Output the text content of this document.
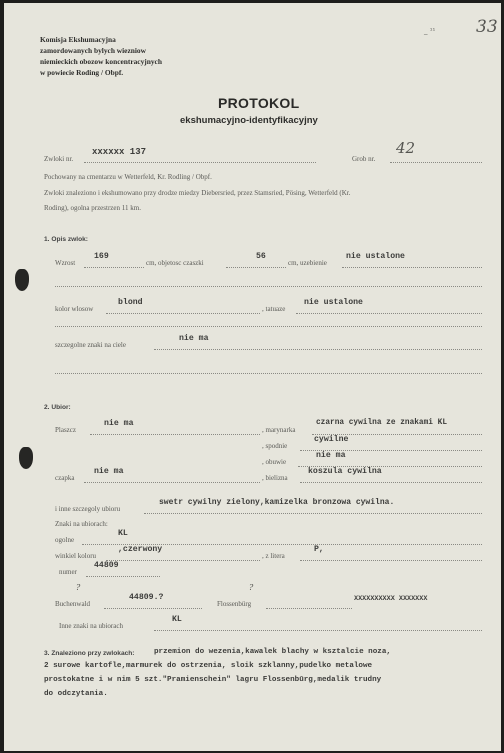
33
_ ¹¹
Komisja Ekshumacyjna
zamordowanych bylych wiezniow
niemieckich obozow koncentracyjnych
w powiecie Roding / Obpf.
PROTOKOL
ekshumacyjno-identyfikacyjny
Zwloki nr.
xxxxxx 137
Grob nr.
42
Pochowany na cmentarzu w Wetterfeld, Kr. Rodling / Obpf.
Zwloki znaleziono i ekshumowano przy drodze miedzy Diebersried, przez Stamsried, Pösing, Wetterfeld (Kr.
Roding), ogolna przestrzen 11 km.
1. Opis zwlok:
Wzrost
169
cm, objetosc czaszki
56
cm, uzebienie
nie ustalone
kolor wlosow
blond
, tatuaze
nie ustalone
szczegolne znaki na ciele
nie ma
2. Ubior:
Plaszcz
nie ma
, marynarka
czarna cywilna ze znakami KL
, spodnie
cywilne
, obuwie
nie ma
czapka
nie ma
, bielizna
koszula cywilna
i inne szczegoly ubioru
swetr cywilny zielony,kamizelka bronzowa cywilna.
Znaki na ubiorach:
ogolne
KL
winkiel koloru
,czerwony
, z litera
P,
numer
44809
?	?
Buchenwald
44809.?
Flossenbürg
XXXXXXXXXX XXXXXXX
Inne znaki na ubiorach
KL
3. Znaleziono przy zwlokach:	przemion do wezenia,kawalek blachy w ksztalcie noza,
2 surowe kartofle,marmurek do ostrzenia, sloik szklanny,pudelko metalowe
prostokatne i w nim 5 szt."Pramienschein" lagru Flossenbūrg,medalik trudny
do odczytania.
